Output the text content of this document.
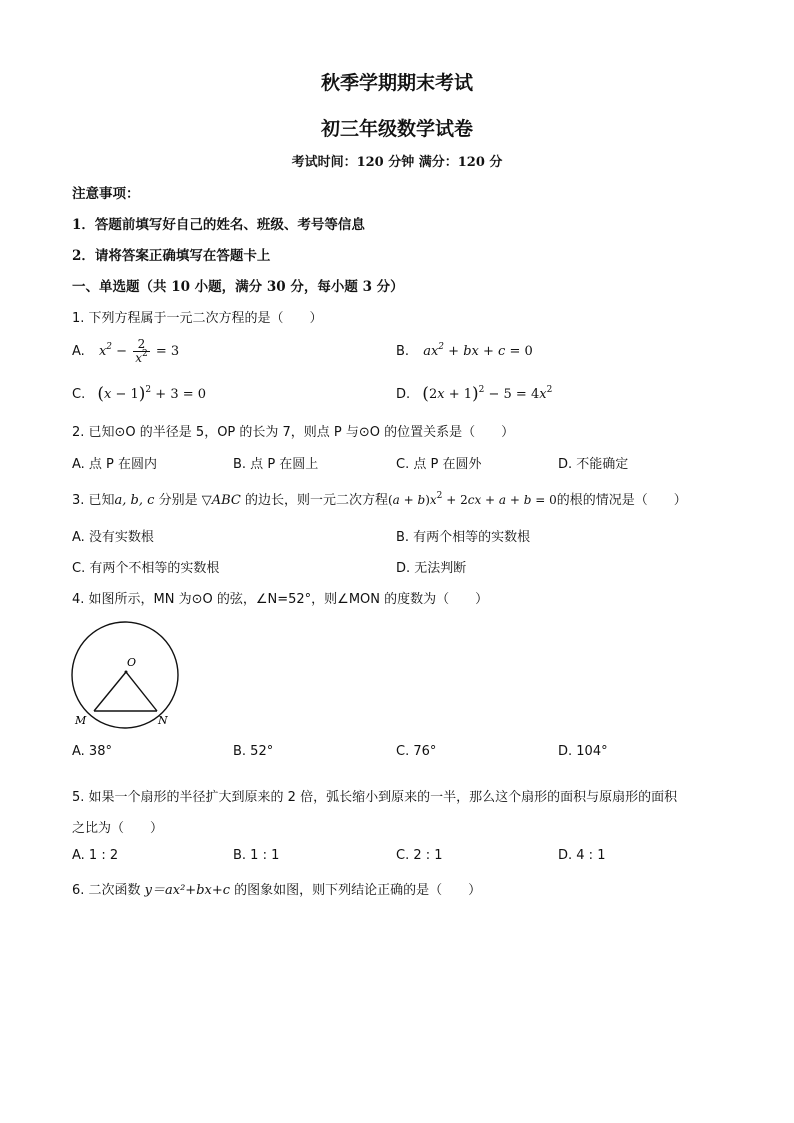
秋季学期期末考试
初三年级数学试卷
考试时间：120 分钟 满分：120 分
注意事项：
1．答题前填写好自己的姓名、班级、考号等信息
2．请将答案正确填写在答题卡上
一、单选题（共 10 小题，满分 30 分，每小题 3 分）
1. 下列方程属于一元二次方程的是（　　）
A. $x^2 - \frac{2}{x^2} = 3$	B. $ax^2$ + bx + c = 0
C. $(x - 1)^2 + 3 = 0$	D. $(2x + 1)^2 - 5 = 4x^2$
2. 已知⊙O 的半径是 5，OP 的长为 7，则点 P 与⊙O 的位置关系是（　　）
A. 点 P 在圆内	B. 点 P 在圆上	C. 点 P 在圆外	D. 不能确定
3. 已知a, b, c 分别是 ▽ABC 的边长，则一元二次方程$(a + b)x^2 + 2cx + a + b = 0$的根的情况是（　　）
A. 没有实数根	B. 有两个相等的实数根
C. 有两个不相等的实数根	D. 无法判断
4. 如图所示，MN 为⊙O 的弦，∠N=52°，则∠MON 的度数为（　　）
O
M	N
A. 38°	B. 52°	C. 76°	D. 104°
5. 如果一个扇形的半径扩大到原来的 2 倍，弧长缩小到原来的一半，那么这个扇形的面积与原扇形的面积
之比为（　　）
A. 1 : 2	B. 1 : 1	C. 2 : 1	D. 4 : 1
6. 二次函数 y＝ax²+bx+c 的图象如图，则下列结论正确的是（　　）
